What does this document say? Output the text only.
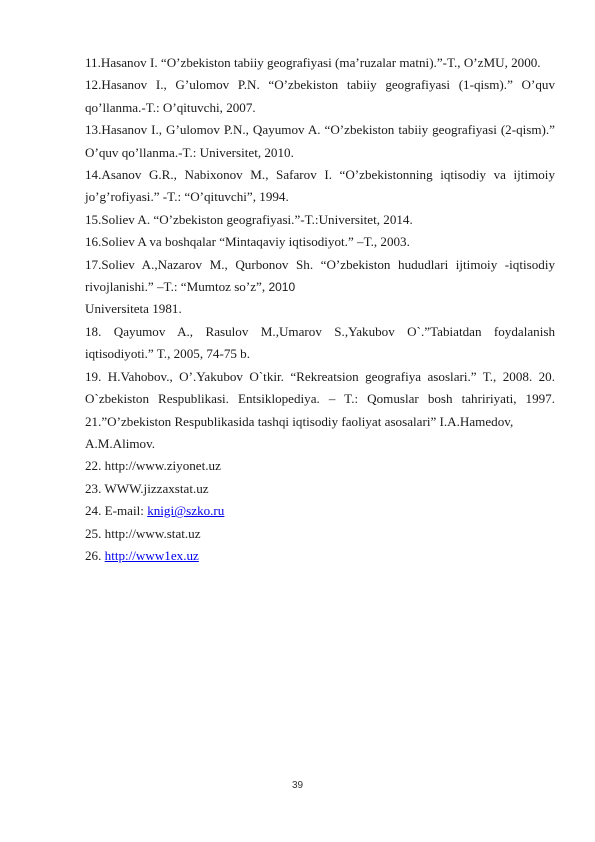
11.Hasanov I. “O’zbekiston tabiiy geografiyasi (ma’ruzalar matni).”-T., O’zMU, 2000.

12.Hasanov I., G’ulomov P.N. “O’zbekiston tabiiy geografiyasi (1-qism).” O’quv qo’llanma.-T.: O’qituvchi, 2007.

13.Hasanov I., G’ulomov P.N., Qayumov A. “O’zbekiston tabiiy geografiyasi (2-qism).” O’quv qo’llanma.-T.: Universitet, 2010.

14.Asanov G.R., Nabixonov M., Safarov I. “O’zbekistonning iqtisodiy va ijtimoiy jo’g’rofiyasi.” -T.: “O’qituvchi”, 1994.

15.Soliev A. “O’zbekiston geografiyasi.”-T.:Universitet, 2014.

16.Soliev A va boshqalar “Mintaqaviy iqtisodiyot.” –T., 2003.

17.Soliev A.,Nazarov M., Qurbonov Sh. “O’zbekiston hududlari ijtimoiy -iqtisodiy rivojlanishi.” –T.: “Mumtoz so’z”, 2010

Universiteta 1981.

18. Qayumov A., Rasulov M.,Umarov S.,Yakubov O`.”Tabiatdan foydalanish iqtisodiyoti.” T., 2005, 74-75 b.

19. H.Vahobov., O’.Yakubov O`tkir. “Rekreatsion geografiya asoslari.” T., 2008. 20. O`zbekiston Respublikasi. Entsiklopediya. – T.: Qomuslar bosh tahririyati, 1997. 21.”O’zbekiston Respublikasida tashqi iqtisodiy faoliyat asosalari” I.A.Hamedov,

A.M.Alimov.

22. http://www.ziyonet.uz

23. WWW.jizzaxstat.uz

24. E-mail: knigi@szko.ru

25. http://www.stat.uz

26. http://www1ex.uz

39
